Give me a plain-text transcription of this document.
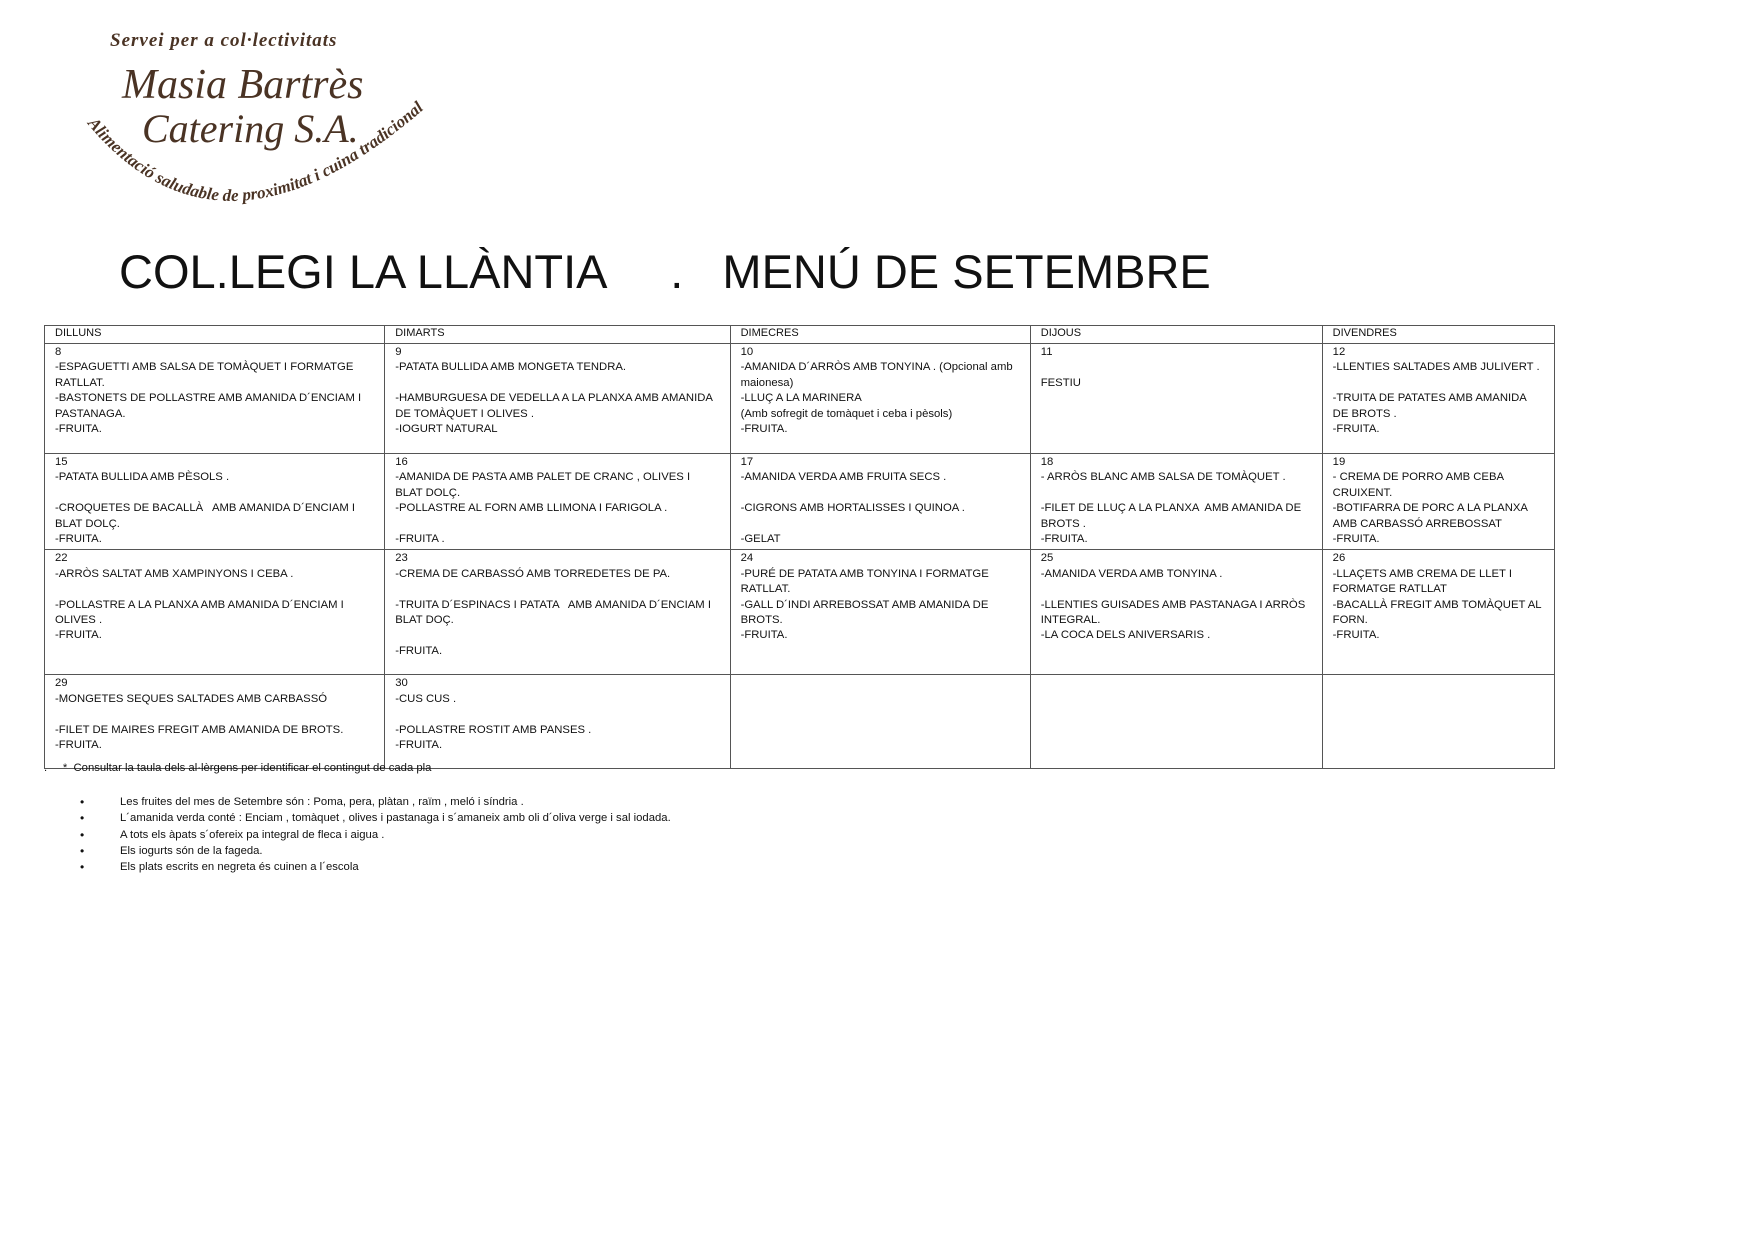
Servei per a col·lectivitats
Masia Bartrès
Catering S.A.
Alimentació saludable de proximitat i cuina tradicional
COL.LEGI LA LLÀNTIA     .   MENÚ DE SETEMBRE
DILLUNS	DIMARTS	DIMECRES	DIJOUS	DIVENDRES

8
-ESPAGUETTI AMB SALSA DE TOMÀQUET I FORMATGE RATLLAT.
-BASTONETS DE POLLASTRE AMB AMANIDA D´ENCIAM I PASTANAGA.
-FRUITA.	9
-PATATA BULLIDA AMB MONGETA TENDRA.
-HAMBURGUESA DE VEDELLA A LA PLANXA AMB AMANIDA DE TOMÀQUET I OLIVES .
-IOGURT NATURAL	10
-AMANIDA D´ARRÒS AMB TONYINA . (Opcional amb maionesa)
-LLUÇ A LA MARINERA
(Amb sofregit de tomàquet i ceba i pèsols)
-FRUITA.	11
FESTIU	12
-LLENTIES SALTADES AMB JULIVERT .
-TRUITA DE PATATES AMB AMANIDA DE BROTS .
-FRUITA.

15
-PATATA BULLIDA AMB PÈSOLS .
-CROQUETES DE BACALLÀ   AMB AMANIDA D´ENCIAM I BLAT DOLÇ.
-FRUITA.	16
-AMANIDA DE PASTA AMB PALET DE CRANC , OLIVES I BLAT DOLÇ.
-POLLASTRE AL FORN AMB LLIMONA I FARIGOLA .
-FRUITA .	17
-AMANIDA VERDA AMB FRUITA SECS .
-CIGRONS AMB HORTALISSES I QUINOA .
-GELAT	18
- ARRÒS BLANC AMB SALSA DE TOMÀQUET .
-FILET DE LLUÇ A LA PLANXA  AMB AMANIDA DE BROTS .
-FRUITA.	19
- CREMA DE PORRO AMB CEBA CRUIXENT.
-BOTIFARRA DE PORC A LA PLANXA AMB CARBASSÓ ARREBOSSAT
-FRUITA.

22
-ARRÒS SALTAT AMB XAMPINYONS I CEBA .
-POLLASTRE A LA PLANXA AMB AMANIDA D´ENCIAM I OLIVES .
-FRUITA.	23
-CREMA DE CARBASSÓ AMB TORREDETES DE PA.
-TRUITA D´ESPINACS I PATATA   AMB AMANIDA D´ENCIAM I BLAT DOÇ.
-FRUITA.	24
-PURÉ DE PATATA AMB TONYINA I FORMATGE RATLLAT.
-GALL D´INDI ARREBOSSAT AMB AMANIDA DE BROTS.
-FRUITA.	25
-AMANIDA VERDA AMB TONYINA .
-LLENTIES GUISADES AMB PASTANAGA I ARRÒS INTEGRAL.
-LA COCA DELS ANIVERSARIS .	26
-LLAÇETS AMB CREMA DE LLET I FORMATGE RATLLAT
-BACALLÀ FREGIT AMB TOMÀQUET AL FORN.
-FRUITA.

29
-MONGETES SEQUES SALTADES AMB CARBASSÓ
-FILET DE MAIRES FREGIT AMB AMANIDA DE BROTS.
-FRUITA.	30
-CUS CUS .
-POLLASTRE ROSTIT AMB PANSES .
-FRUITA.			

.     *  Consultar la taula dels al·lèrgens per identificar el contingut de cada pla
•	Les fruites del mes de Setembre són : Poma, pera, plàtan , raïm , meló i síndria .
•	L´amanida verda conté : Enciam , tomàquet , olives i pastanaga i s´amaneix amb oli d´oliva verge i sal iodada.
•	A tots els àpats s´ofereix pa integral de fleca i aigua .
•	Els iogurts són de la fageda.
•	Els plats escrits en negreta és cuinen a l´escola
